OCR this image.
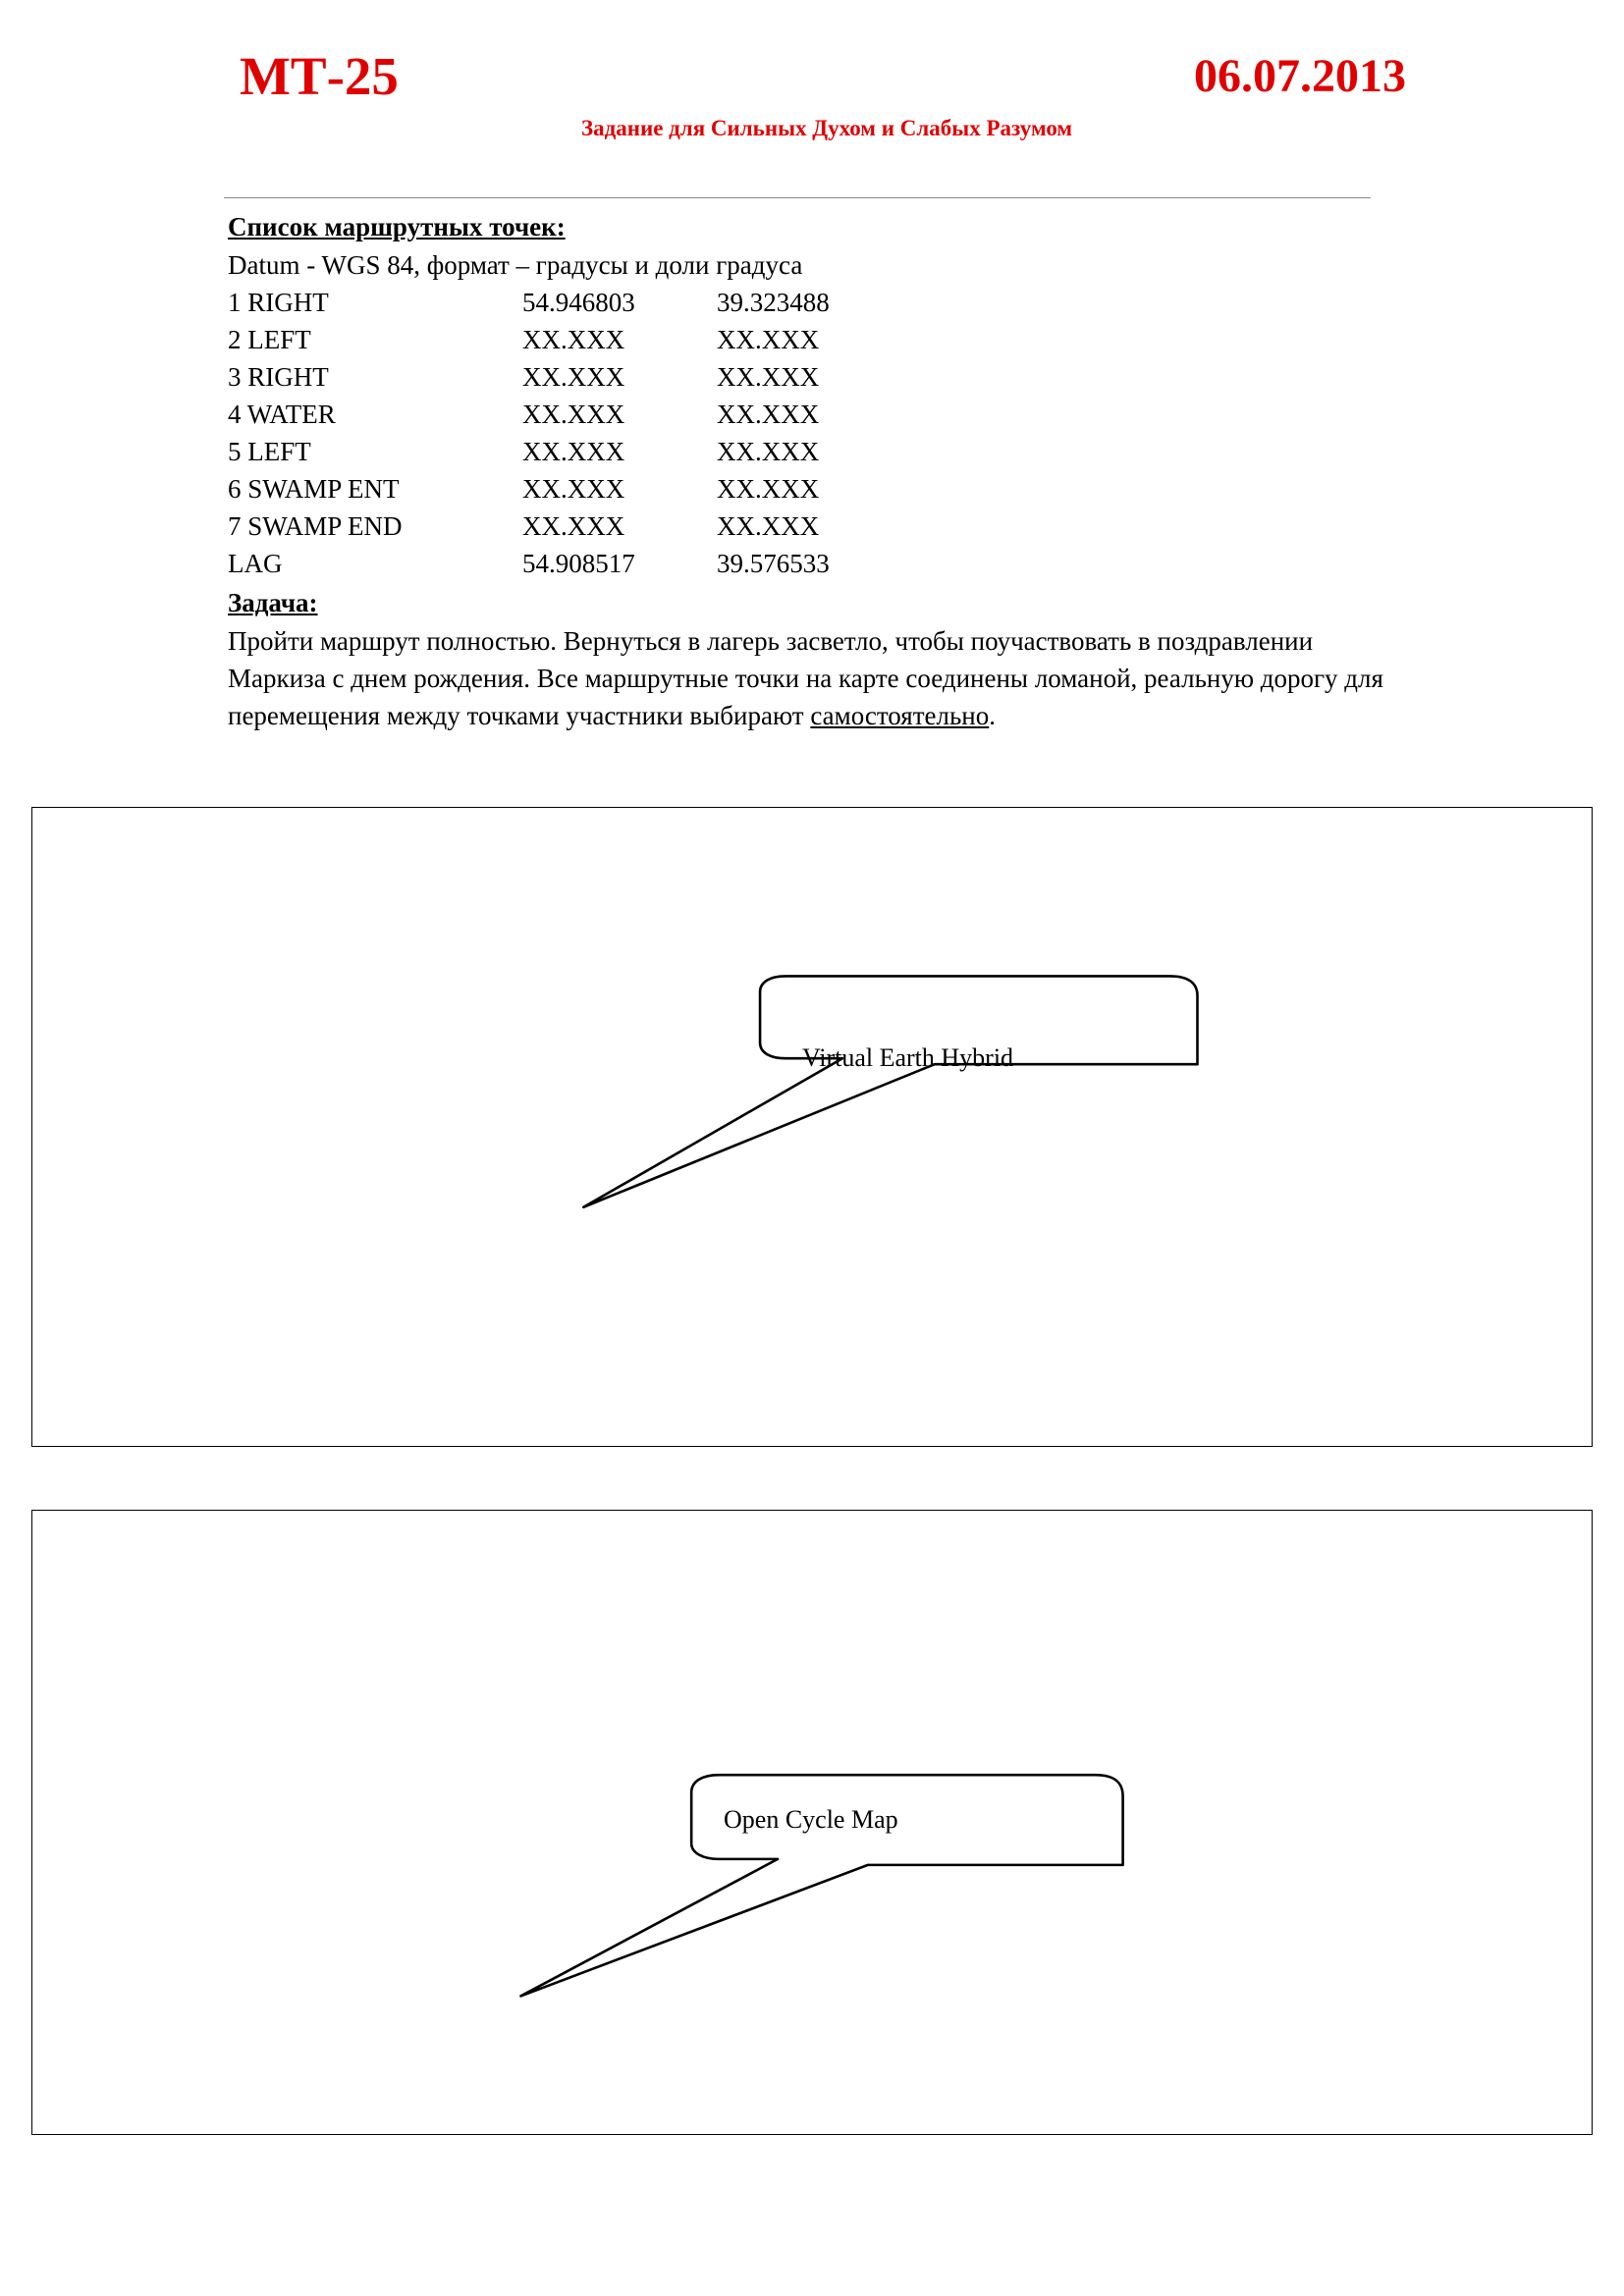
МТ-25	06.07.2013
Задание для Сильных Духом и Слабых Разумом
Список маршрутных точек:
Datum - WGS 84, формат – градусы и доли градуса
1 RIGHT	54.946803	39.323488
2 LEFT	XX.XXX	XX.XXX
3 RIGHT	XX.XXX	XX.XXX
4 WATER	XX.XXX	XX.XXX
5 LEFT	XX.XXX	XX.XXX
6 SWAMP ENT	XX.XXX	XX.XXX
7 SWAMP END	XX.XXX	XX.XXX
LAG	54.908517	39.576533
Задача:
Пройти маршрут полностью. Вернуться в лагерь засветло, чтобы поучаствовать в поздравлении Маркиза с днем рождения. Все маршрутные точки на карте соединены ломаной, реальную дорогу для перемещения между точками участники выбирают самостоятельно.
Virtual Earth Hybrid
Open Cycle Map
